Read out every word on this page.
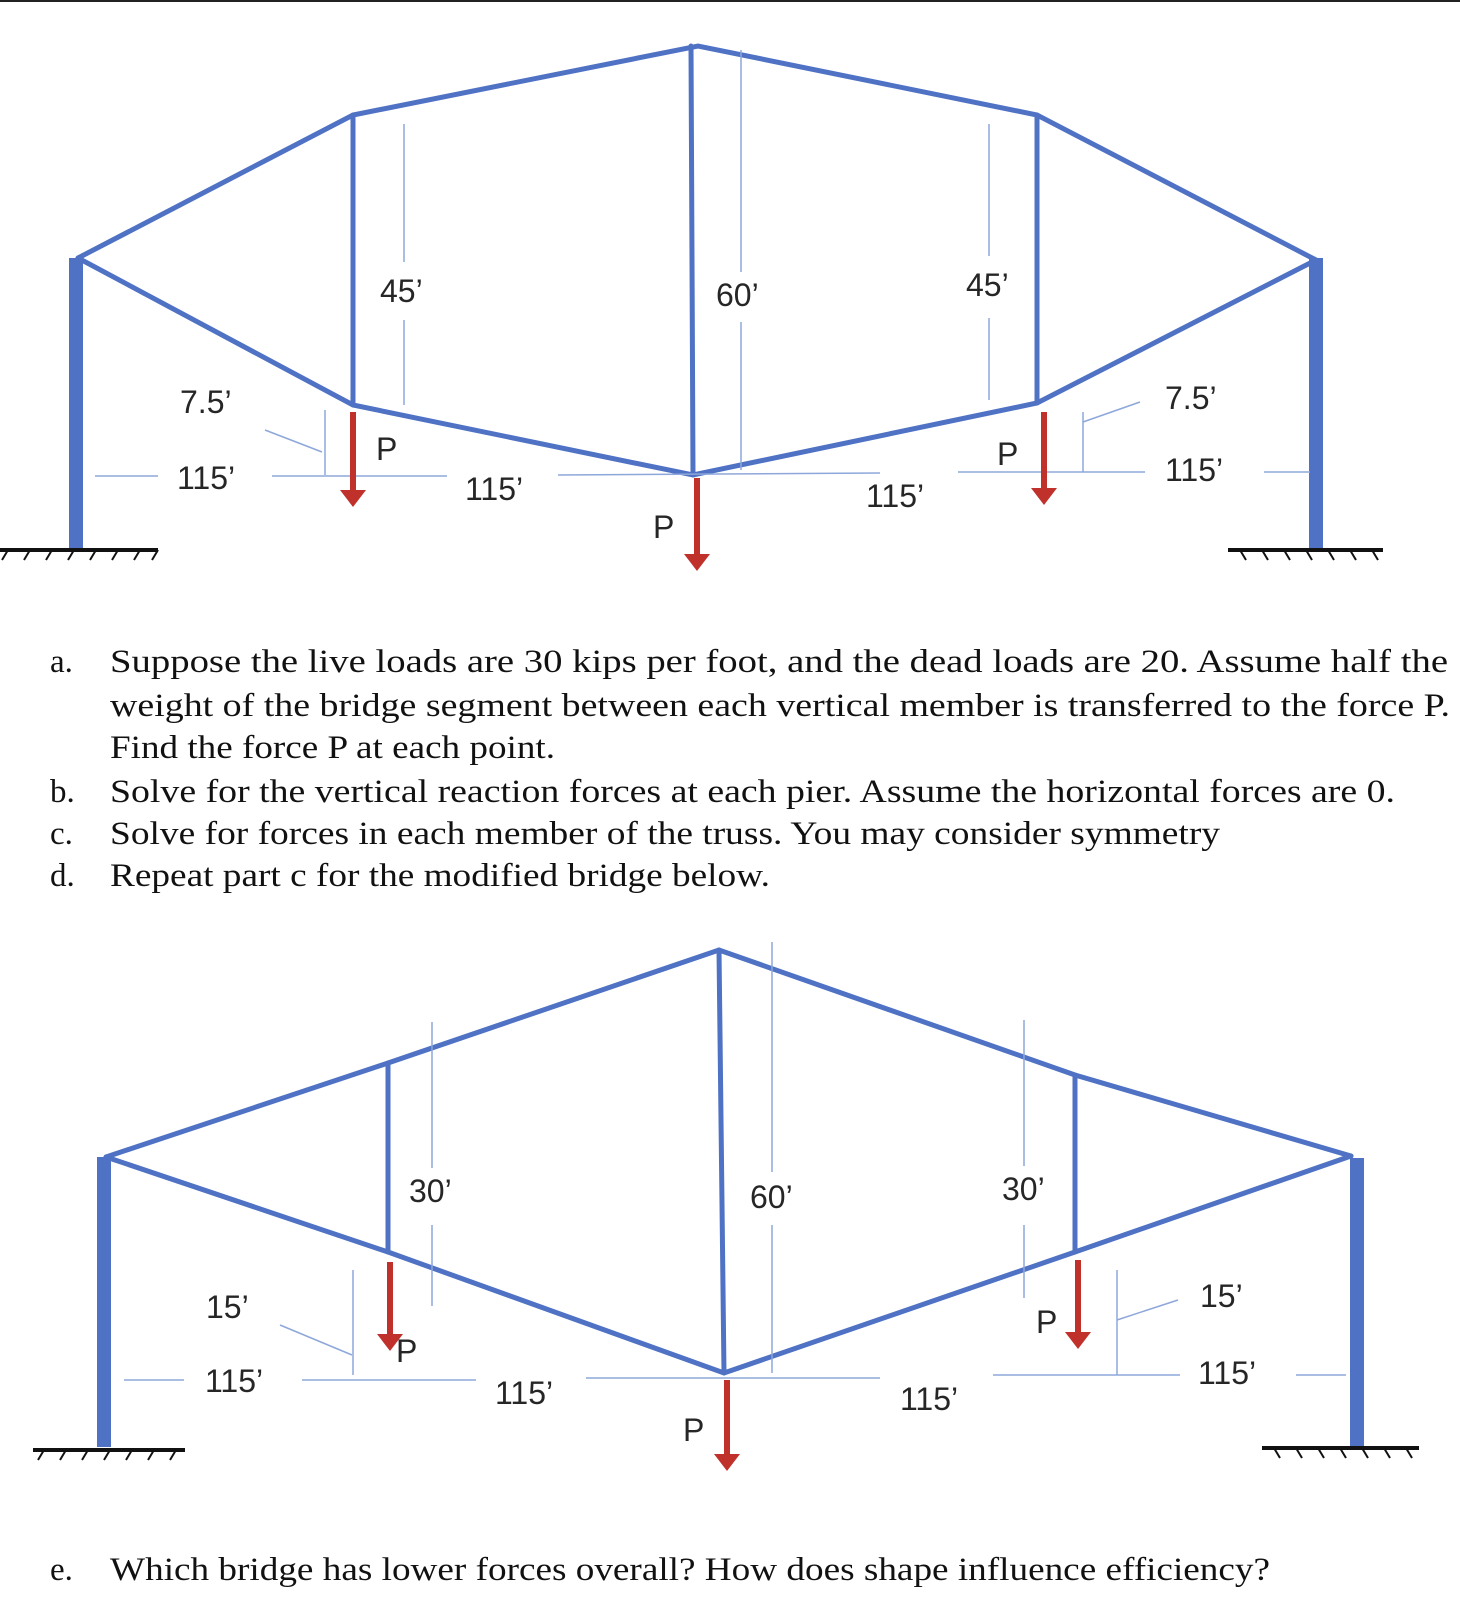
7.5’
115’
45’	60’	45’
115’	115’
7.5’
115’
P
P
P
a. Suppose the live loads are 30 kips per foot, and the dead loads are 20. Assume half the
weight of the bridge segment between each vertical member is transferred to the force P.
Find the force P at each point.
b. Solve for the vertical reaction forces at each pier. Assume the horizontal forces are 0.
c. Solve for forces in each member of the truss. You may consider symmetry
d. Repeat part c for the modified bridge below.
15’
115’
30’	60’	30’
115’	115’
15’
115’
P
P
P
e. Which bridge has lower forces overall? How does shape influence efficiency?
